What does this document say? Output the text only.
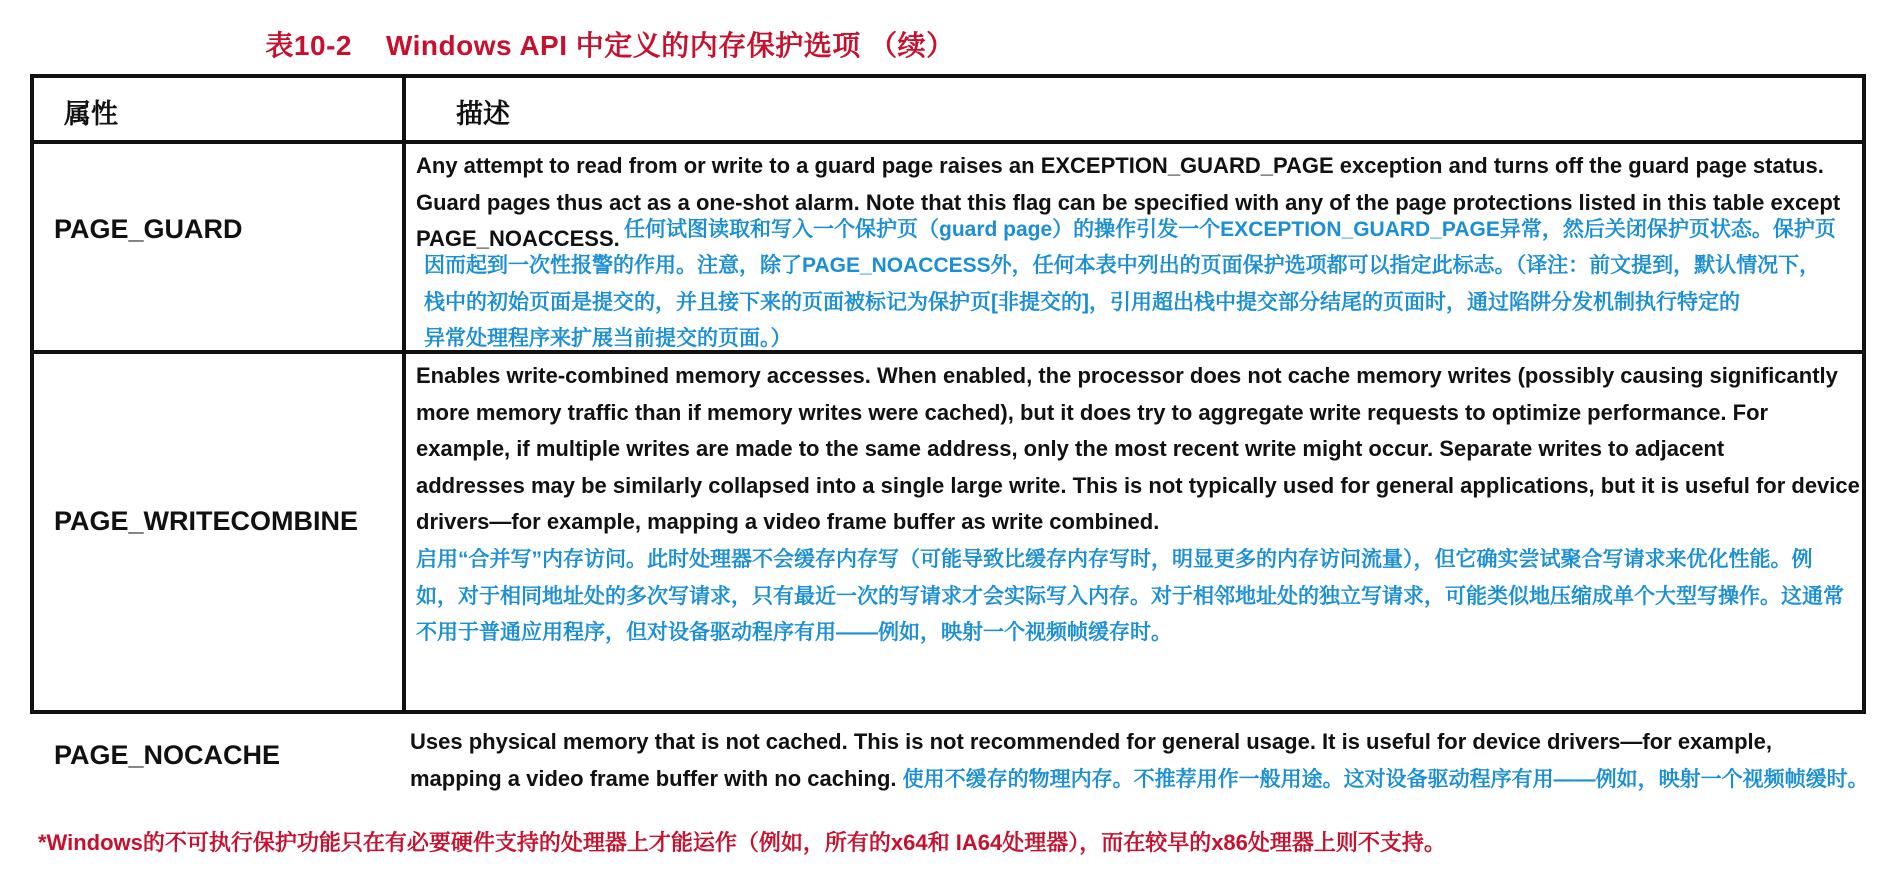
表10-2 Windows API 中定义的内存保护选项 （续）
属性	描述
PAGE_GUARD

Any attempt to read from or write to a guard page raises an EXCEPTION_GUARD_PAGE exception and turns off the guard page status.
Guard pages thus act as a one-shot alarm. Note that this flag can be specified with any of the page protections listed in this table except
PAGE_NOACCESS. 任何试图读取和写入一个保护页（guard page）的操作引发一个EXCEPTION_GUARD_PAGE异常，然后关闭保护页状态。保护页

因而起到一次性报警的作用。注意，除了PAGE_NOACCESS外，任何本表中列出的页面保护选项都可以指定此标志。（译注：前文提到，默认情况下，
栈中的初始页面是提交的，并且接下来的页面被标记为保护页[非提交的]，引用超出栈中提交部分结尾的页面时，通过陷阱分发机制执行特定的
异常处理程序来扩展当前提交的页面。）

PAGE_WRITECOMBINE

Enables write-combined memory accesses. When enabled, the processor does not cache memory writes (possibly causing significantly
more memory traffic than if memory writes were cached), but it does try to aggregate write requests to optimize performance. For
example, if multiple writes are made to the same address, only the most recent write might occur. Separate writes to adjacent
addresses may be similarly collapsed into a single large write. This is not typically used for general applications, but it is useful for device
drivers—for example, mapping a video frame buffer as write combined.

启用“合并写”内存访问。此时处理器不会缓存内存写（可能导致比缓存内存写时，明显更多的内存访问流量），但它确实尝试聚合写请求来优化性能。例
如，对于相同地址处的多次写请求，只有最近一次的写请求才会实际写入内存。对于相邻地址处的独立写请求，可能类似地压缩成单个大型写操作。这通常
不用于普通应用程序，但对设备驱动程序有用——例如，映射一个视频帧缓存时。

PAGE_NOCACHE	Uses physical memory that is not cached. This is not recommended for general usage. It is useful for device drivers—for example,
mapping a video frame buffer with no caching. 使用不缓存的物理内存。不推荐用作一般用途。这对设备驱动程序有用——例如，映射一个视频帧缓时。

*Windows的不可执行保护功能只在有必要硬件支持的处理器上才能运作（例如，所有的x64和 IA64处理器），而在较早的x86处理器上则不支持。
